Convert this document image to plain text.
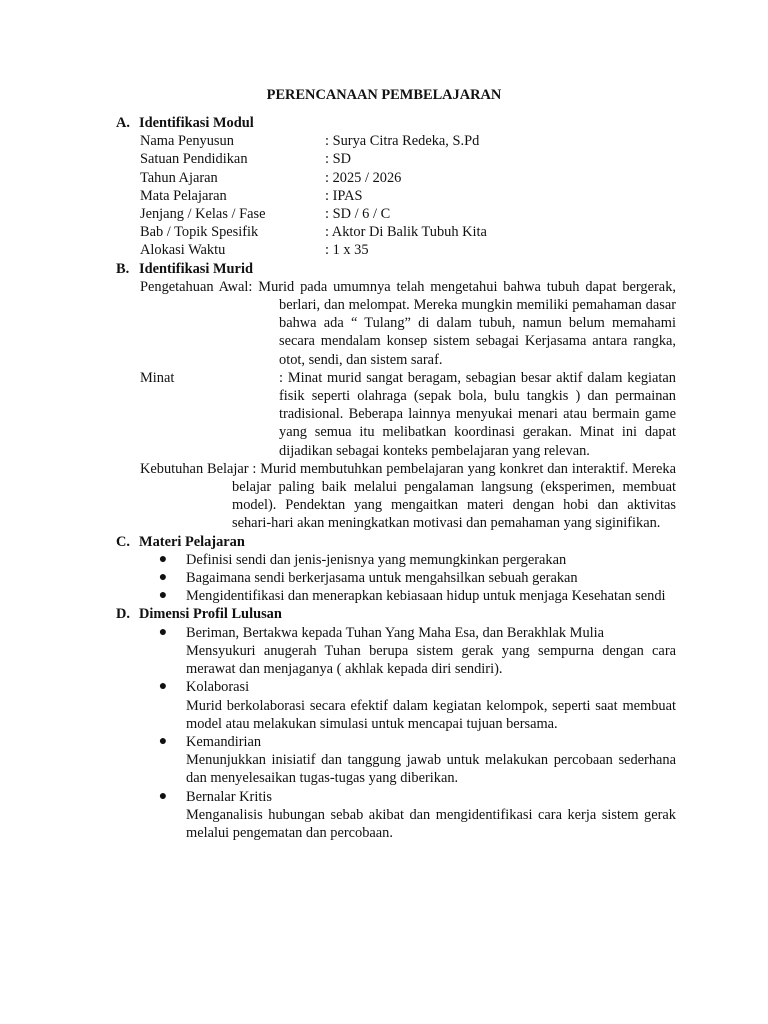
PERENCANAAN PEMBELAJARAN
A. Identifikasi Modul
Nama Penyusun	: Surya Citra Redeka, S.Pd
Satuan Pendidikan	: SD
Tahun Ajaran	: 2025 / 2026
Mata Pelajaran	: IPAS
Jenjang / Kelas / Fase	: SD / 6 / C
Bab / Topik Spesifik	: Aktor Di Balik Tubuh Kita
Alokasi Waktu	: 1 x 35
B. Identifikasi Murid
Pengetahuan Awal: Murid pada umumnya telah mengetahui bahwa tubuh dapat bergerak, berlari, dan melompat. Mereka mungkin memiliki pemahaman dasar bahwa ada “ Tulang” di dalam tubuh, namun belum memahami secara mendalam konsep sistem sebagai Kerjasama antara rangka, otot, sendi, dan sistem saraf.
Minat	: Minat murid sangat beragam, sebagian besar aktif dalam kegiatan fisik seperti olahraga (sepak bola, bulu tangkis ) dan permainan tradisional. Beberapa lainnya menyukai menari atau bermain game yang semua itu melibatkan koordinasi gerakan. Minat ini dapat dijadikan sebagai konteks pembelajaran yang relevan.
Kebutuhan Belajar : Murid membutuhkan pembelajaran yang konkret dan interaktif. Mereka belajar paling baik melalui pengalaman langsung (eksperimen, membuat model). Pendektan yang mengaitkan materi dengan hobi dan aktivitas sehari-hari akan meningkatkan motivasi dan pemahaman yang siginifikan.
C. Materi Pelajaran
●	Definisi sendi dan jenis-jenisnya yang memungkinkan pergerakan
●	Bagaimana sendi berkerjasama untuk mengahsilkan sebuah gerakan
●	Mengidentifikasi dan menerapkan kebiasaan hidup untuk menjaga Kesehatan sendi
D. Dimensi Profil Lulusan
●	Beriman, Bertakwa kepada Tuhan Yang Maha Esa, dan Berakhlak Mulia
Mensyukuri anugerah Tuhan berupa sistem gerak yang sempurna dengan cara merawat dan menjaganya ( akhlak kepada diri sendiri).
●	Kolaborasi
Murid berkolaborasi secara efektif dalam kegiatan kelompok, seperti saat membuat model atau melakukan simulasi untuk mencapai tujuan bersama.
●	Kemandirian
Menunjukkan inisiatif dan tanggung jawab untuk melakukan percobaan sederhana dan menyelesaikan tugas-tugas yang diberikan.
●	Bernalar Kritis
Menganalisis hubungan sebab akibat dan mengidentifikasi cara kerja sistem gerak melalui pengematan dan percobaan.
